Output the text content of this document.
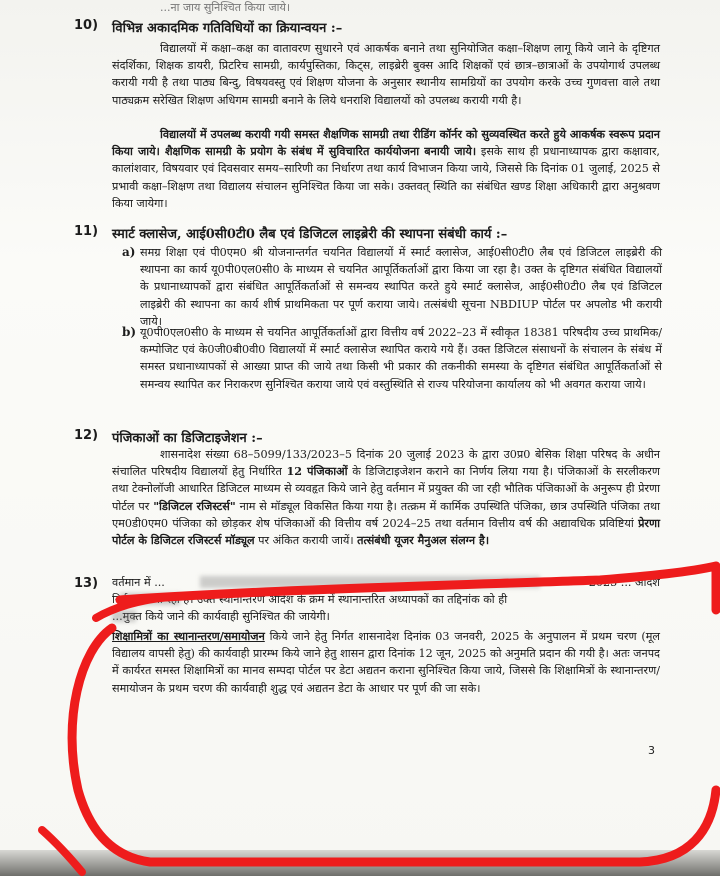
...ना जाय सुनिश्चित किया जाये।
10) विभिन्न अकादमिक गतिविधियों का क्रियान्वयन :–

विद्यालयों में कक्षा–कक्ष का वातावरण सुधारने एवं आकर्षक बनाने तथा सुनियोजित कक्षा–शिक्षण लागू किये जाने के दृष्टिगत संदर्शिका, शिक्षक डायरी, प्रिटरिच सामग्री, कार्यपुस्तिका, किट्स, लाइब्रेरी बुक्स आदि शिक्षकों एवं छात्र–छात्राओं के उपयोगार्थ उपलब्ध करायी गयी है तथा पाठ्य बिन्दु, विषयवस्तु एवं शिक्षण योजना के अनुसार स्थानीय सामग्रियों का उपयोग करके उच्च गुणवत्ता वाले तथा पाठ्यक्रम सरेखित शिक्षण अधिगम सामग्री बनाने के लिये धनराशि विद्यालयों को उपलब्ध करायी गयी है।

विद्यालयों में उपलब्ध करायी गयी समस्त शैक्षणिक सामग्री तथा रीडिंग कॉर्नर को सुव्यवस्थित करते हुये आकर्षक स्वरूप प्रदान किया जाये। शैक्षणिक सामग्री के प्रयोग के संबंध में सुविचारित कार्ययोजना बनायी जाये। इसके साथ ही प्रधानाध्यापक द्वारा कक्षावार, कालांशवार, विषयवार एवं दिवसवार समय–सारिणी का निर्धारण तथा कार्य विभाजन किया जाये, जिससे कि दिनांक 01 जुलाई, 2025 से प्रभावी कक्षा–शिक्षण तथा विद्यालय संचालन सुनिश्चित किया जा सके। उक्तवत् स्थिति का संबंधित खण्ड शिक्षा अधिकारी द्वारा अनुश्रवण किया जायेगा।

11) स्मार्ट क्लासेज, आई0सी0टी0 लैब एवं डिजिटल लाइब्रेरी की स्थापना संबंधी कार्य :–
a) समग्र शिक्षा एवं पी0एम0 श्री योजनान्तर्गत चयनित विद्यालयों में स्मार्ट क्लासेज, आई0सी0टी0 लैब एवं डिजिटल लाइब्रेरी की स्थापना का कार्य यू0पी0एल0सी0 के माध्यम से चयनित आपूर्तिकर्ताओं द्वारा किया जा रहा है। उक्त के दृष्टिगत संबंधित विद्यालयों के प्रधानाध्यापकों द्वारा संबंधित आपूर्तिकर्ताओं से समन्वय स्थापित करते हुये स्मार्ट क्लासेज, आई0सी0टी0 लैब एवं डिजिटल लाइब्रेरी की स्थापना का कार्य शीर्ष प्राथमिकता पर पूर्ण कराया जाये। तत्संबंधी सूचना NBDIUP पोर्टल पर अपलोड भी करायी जाये।
b) यू0पी0एल0सी0 के माध्यम से चयनित आपूर्तिकर्ताओं द्वारा वित्तीय वर्ष 2022–23 में स्वीकृत 18381 परिषदीय उच्च प्राथमिक/कम्पोजिट एवं के0जी0बी0वी0 विद्यालयों में स्मार्ट क्लासेज स्थापित कराये गये हैं। उक्त डिजिटल संसाधनों के संचालन के संबंध में समस्त प्रधानाध्यापकों से आख्या प्राप्त की जाये तथा किसी भी प्रकार की तकनीकी समस्या के दृष्टिगत संबंधित आपूर्तिकर्ताओं से समन्वय स्थापित कर निराकरण सुनिश्चित कराया जाये एवं वस्तुस्थिति से राज्य परियोजना कार्यालय को भी अवगत कराया जाये।
12) पंजिकाओं का डिजिटाइजेशन :–

शासनादेश संख्या 68–5099/133/2023–5 दिनांक 20 जुलाई 2023 के द्वारा उ0प्र0 बेसिक शिक्षा परिषद के अधीन संचालित परिषदीय विद्यालयों हेतु निर्धारित 12 पंजिकाओं के डिजिटाइजेशन कराने का निर्णय लिया गया है। पंजिकाओं के सरलीकरण तथा टेक्नोलॉजी आधारित डिजिटल माध्यम से व्यवहृत किये जाने हेतु वर्तमान में प्रयुक्त की जा रही भौतिक पंजिकाओं के अनुरूप ही प्रेरणा पोर्टल पर "डिजिटल रजिस्टर्स" नाम से मॉड्यूल विकसित किया गया है। तत्क्रम में कार्मिक उपस्थिति पंजिका, छात्र उपस्थिति पंजिका तथा एम0डी0एम0 पंजिका को छोड़कर शेष पंजिकाओं की वित्तीय वर्ष 2024–25 तथा वर्तमान वित्तीय वर्ष की अद्यावधिक प्रविष्टियां प्रेरणा पोर्टल के डिजिटल रजिस्टर्स मॉड्यूल पर अंकित करायी जायें। तत्संबंधी यूजर मैनुअल संलग्न है।

13) वर्तमान में ...	2025 ... आदेश
निर्गत ... जा रहा है। उक्त स्थानान्तरण आदेश के क्रम में स्थानान्तरित अध्यापकों का तद्दिनांक को ही
...मुक्त किये जाने की कार्यवाही सुनिश्चित की जायेगी।

शिक्षामित्रों का स्थानान्तरण/समायोजन किये जाने हेतु निर्गत शासनादेश दिनांक 03 जनवरी, 2025 के अनुपालन में प्रथम चरण (मूल विद्यालय वापसी हेतु) की कार्यवाही प्रारम्भ किये जाने हेतु शासन द्वारा दिनांक 12 जून, 2025 को अनुमति प्रदान की गयी है। अतः जनपद में कार्यरत समस्त शिक्षामित्रों का मानव सम्पदा पोर्टल पर डेटा अद्यतन कराना सुनिश्चित किया जाये, जिससे कि शिक्षामित्रों के स्थानान्तरण/समायोजन के प्रथम चरण की कार्यवाही शुद्ध एवं अद्यतन डेटा के आधार पर पूर्ण की जा सके।

3
